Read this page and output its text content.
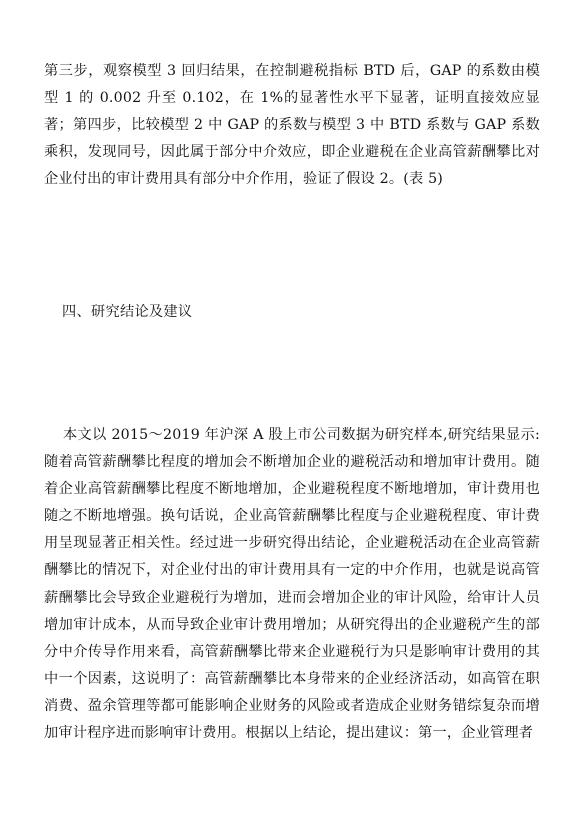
第三步，观察模型 3 回归结果，在控制避税指标 BTD 后，GAP 的系数由模型 1 的 0.002 升至 0.102，在 1%的显著性水平下显著，证明直接效应显著；第四步，比较模型 2 中 GAP 的系数与模型 3 中 BTD 系数与 GAP 系数乘积，发现同号，因此属于部分中介效应，即企业避税在企业高管薪酬攀比对企业付出的审计费用具有部分中介作用，验证了假设 2。(表 5)

四、研究结论及建议

本文以 2015～2019 年沪深 A 股上市公司数据为研究样本,研究结果显示:随着高管薪酬攀比程度的增加会不断增加企业的避税活动和增加审计费用。随着企业高管薪酬攀比程度不断地增加，企业避税程度不断地增加，审计费用也随之不断地增强。换句话说，企业高管薪酬攀比程度与企业避税程度、审计费用呈现显著正相关性。经过进一步研究得出结论，企业避税活动在企业高管薪酬攀比的情况下，对企业付出的审计费用具有一定的中介作用，也就是说高管薪酬攀比会导致企业避税行为增加，进而会增加企业的审计风险，给审计人员增加审计成本，从而导致企业审计费用增加；从研究得出的企业避税产生的部分中介传导作用来看，高管薪酬攀比带来企业避税行为只是影响审计费用的其中一个因素，这说明了：高管薪酬攀比本身带来的企业经济活动，如高管在职消费、盈余管理等都可能影响企业财务的风险或者造成企业财务错综复杂而增加审计程序进而影响审计费用。根据以上结论，提出建议：第一，企业管理者
